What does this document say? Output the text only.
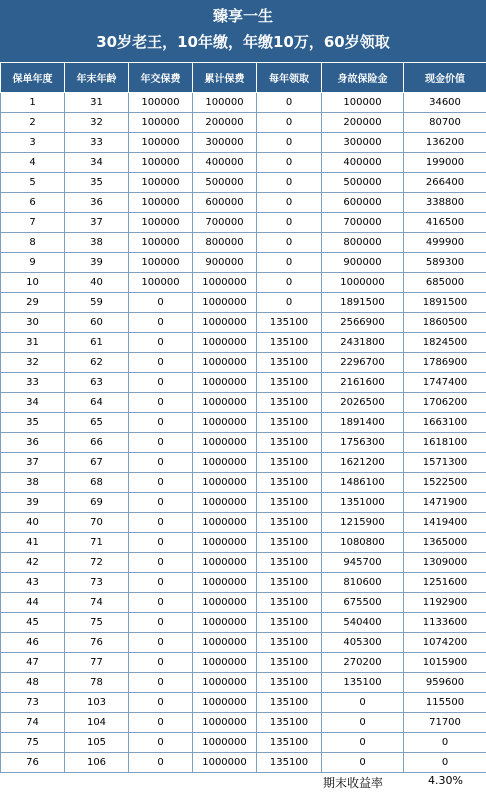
臻享一生
30岁老王，10年缴，年缴10万，60岁领取
保单年度	年末年龄	年交保费	累计保费	每年领取	身故保险金	现金价值
1	31	100000	100000	0	100000	34600
2	32	100000	200000	0	200000	80700
3	33	100000	300000	0	300000	136200
4	34	100000	400000	0	400000	199000
5	35	100000	500000	0	500000	266400
6	36	100000	600000	0	600000	338800
7	37	100000	700000	0	700000	416500
8	38	100000	800000	0	800000	499900
9	39	100000	900000	0	900000	589300
10	40	100000	1000000	0	1000000	685000
29	59	0	1000000	0	1891500	1891500
30	60	0	1000000	135100	2566900	1860500
31	61	0	1000000	135100	2431800	1824500
32	62	0	1000000	135100	2296700	1786900
33	63	0	1000000	135100	2161600	1747400
34	64	0	1000000	135100	2026500	1706200
35	65	0	1000000	135100	1891400	1663100
36	66	0	1000000	135100	1756300	1618100
37	67	0	1000000	135100	1621200	1571300
38	68	0	1000000	135100	1486100	1522500
39	69	0	1000000	135100	1351000	1471900
40	70	0	1000000	135100	1215900	1419400
41	71	0	1000000	135100	1080800	1365000
42	72	0	1000000	135100	945700	1309000
43	73	0	1000000	135100	810600	1251600
44	74	0	1000000	135100	675500	1192900
45	75	0	1000000	135100	540400	1133600
46	76	0	1000000	135100	405300	1074200
47	77	0	1000000	135100	270200	1015900
48	78	0	1000000	135100	135100	959600
73	103	0	1000000	135100	0	115500
74	104	0	1000000	135100	0	71700
75	105	0	1000000	135100	0	0
76	106	0	1000000	135100	0	0
期末收益率	4.30%
